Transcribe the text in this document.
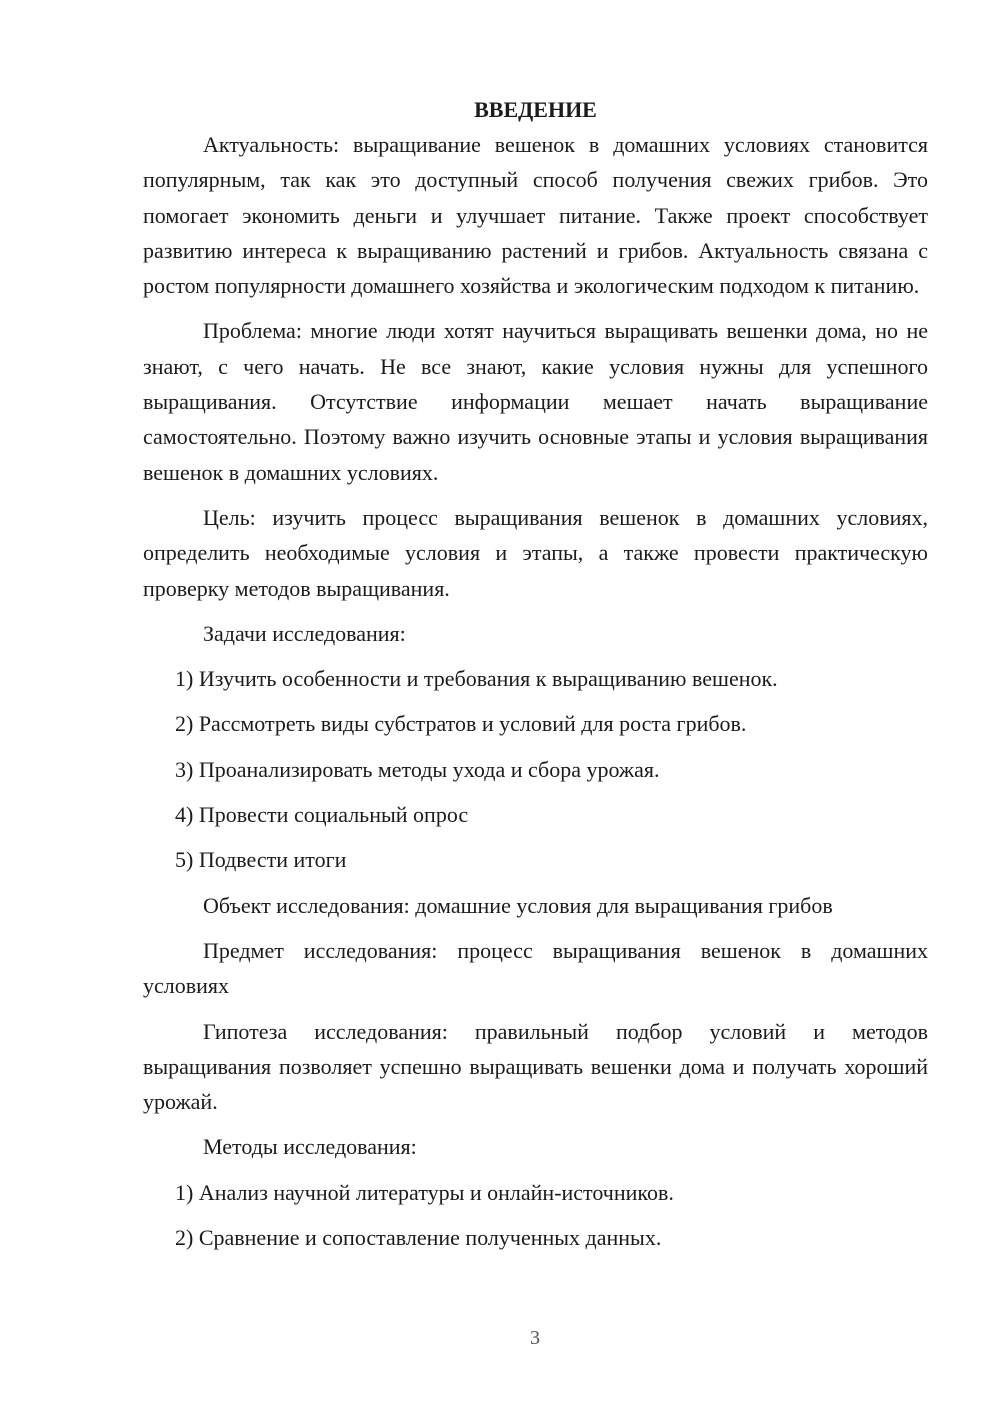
ВВЕДЕНИЕ

Актуальность: выращивание вешенок в домашних условиях становится популярным, так как это доступный способ получения свежих грибов. Это помогает экономить деньги и улучшает питание. Также проект способствует развитию интереса к выращиванию растений и грибов. Актуальность связана с ростом популярности домашнего хозяйства и экологическим подходом к питанию.

Проблема: многие люди хотят научиться выращивать вешенки дома, но не знают, с чего начать. Не все знают, какие условия нужны для успешного выращивания. Отсутствие информации мешает начать выращивание самостоятельно. Поэтому важно изучить основные этапы и условия выращивания вешенок в домашних условиях.

Цель: изучить процесс выращивания вешенок в домашних условиях, определить необходимые условия и этапы, а также провести практическую проверку методов выращивания.

Задачи исследования:

1) Изучить особенности и требования к выращиванию вешенок.

2) Рассмотреть виды субстратов и условий для роста грибов.

3) Проанализировать методы ухода и сбора урожая.

4) Провести социальный опрос

5) Подвести итоги

Объект исследования: домашние условия для выращивания грибов

Предмет исследования: процесс выращивания вешенок в домашних условиях

Гипотеза исследования: правильный подбор условий и методов выращивания позволяет успешно выращивать вешенки дома и получать хороший урожай.

Методы исследования:

1) Анализ научной литературы и онлайн-источников.

2) Сравнение и сопоставление полученных данных.

3
